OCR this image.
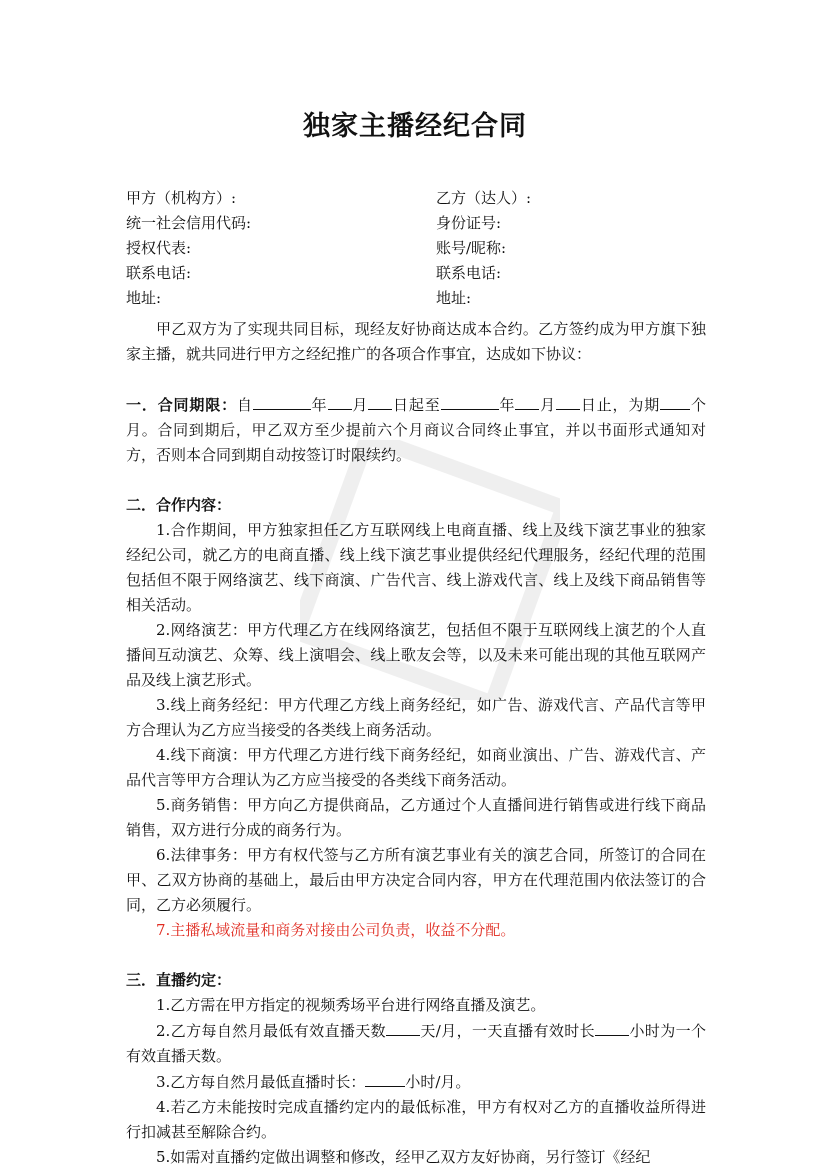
独家主播经纪合同
甲方（机构方）:	乙方（达人）:
统一社会信用代码:	身份证号:
授权代表:	账号/昵称:
联系电话:	联系电话:
地址:	地址:

甲乙双方为了实现共同目标，现经友好协商达成本合约。乙方签约成为甲方旗下独家主播，就共同进行甲方之经纪推广的各项合作事宜，达成如下协议：

一．合同期限：自	年 月 日起至	年 月 日止，为期 个月。合同到期后，甲乙双方至少提前六个月商议合同终止事宜，并以书面形式通知对方，否则本合同到期自动按签订时限续约。

二．合作内容：

1.合作期间，甲方独家担任乙方互联网线上电商直播、线上及线下演艺事业的独家经纪公司，就乙方的电商直播、线上线下演艺事业提供经纪代理服务，经纪代理的范围包括但不限于网络演艺、线下商演、广告代言、线上游戏代言、线上及线下商品销售等相关活动。

2.网络演艺：甲方代理乙方在线网络演艺，包括但不限于互联网线上演艺的个人直播间互动演艺、众筹、线上演唱会、线上歌友会等，以及未来可能出现的其他互联网产品及线上演艺形式。

3.线上商务经纪：甲方代理乙方线上商务经纪，如广告、游戏代言、产品代言等甲方合理认为乙方应当接受的各类线上商务活动。

4.线下商演：甲方代理乙方进行线下商务经纪，如商业演出、广告、游戏代言、产品代言等甲方合理认为乙方应当接受的各类线下商务活动。

5.商务销售：甲方向乙方提供商品，乙方通过个人直播间进行销售或进行线下商品销售，双方进行分成的商务行为。

6.法律事务：甲方有权代签与乙方所有演艺事业有关的演艺合同，所签订的合同在甲、乙双方协商的基础上，最后由甲方决定合同内容，甲方在代理范围内依法签订的合同，乙方必须履行。

7.主播私域流量和商务对接由公司负责，收益不分配。

三．直播约定：

1.乙方需在甲方指定的视频秀场平台进行网络直播及演艺。

2.乙方每自然月最低有效直播天数 天/月，一天直播有效时长 小时为一个有效直播天数。

3.乙方每自然月最低直播时长：	小时/月。

4.若乙方未能按时完成直播约定内的最低标准，甲方有权对乙方的直播收益所得进行扣减甚至解除合约。

5.如需对直播约定做出调整和修改，经甲乙双方友好协商，另行签订《经纪
